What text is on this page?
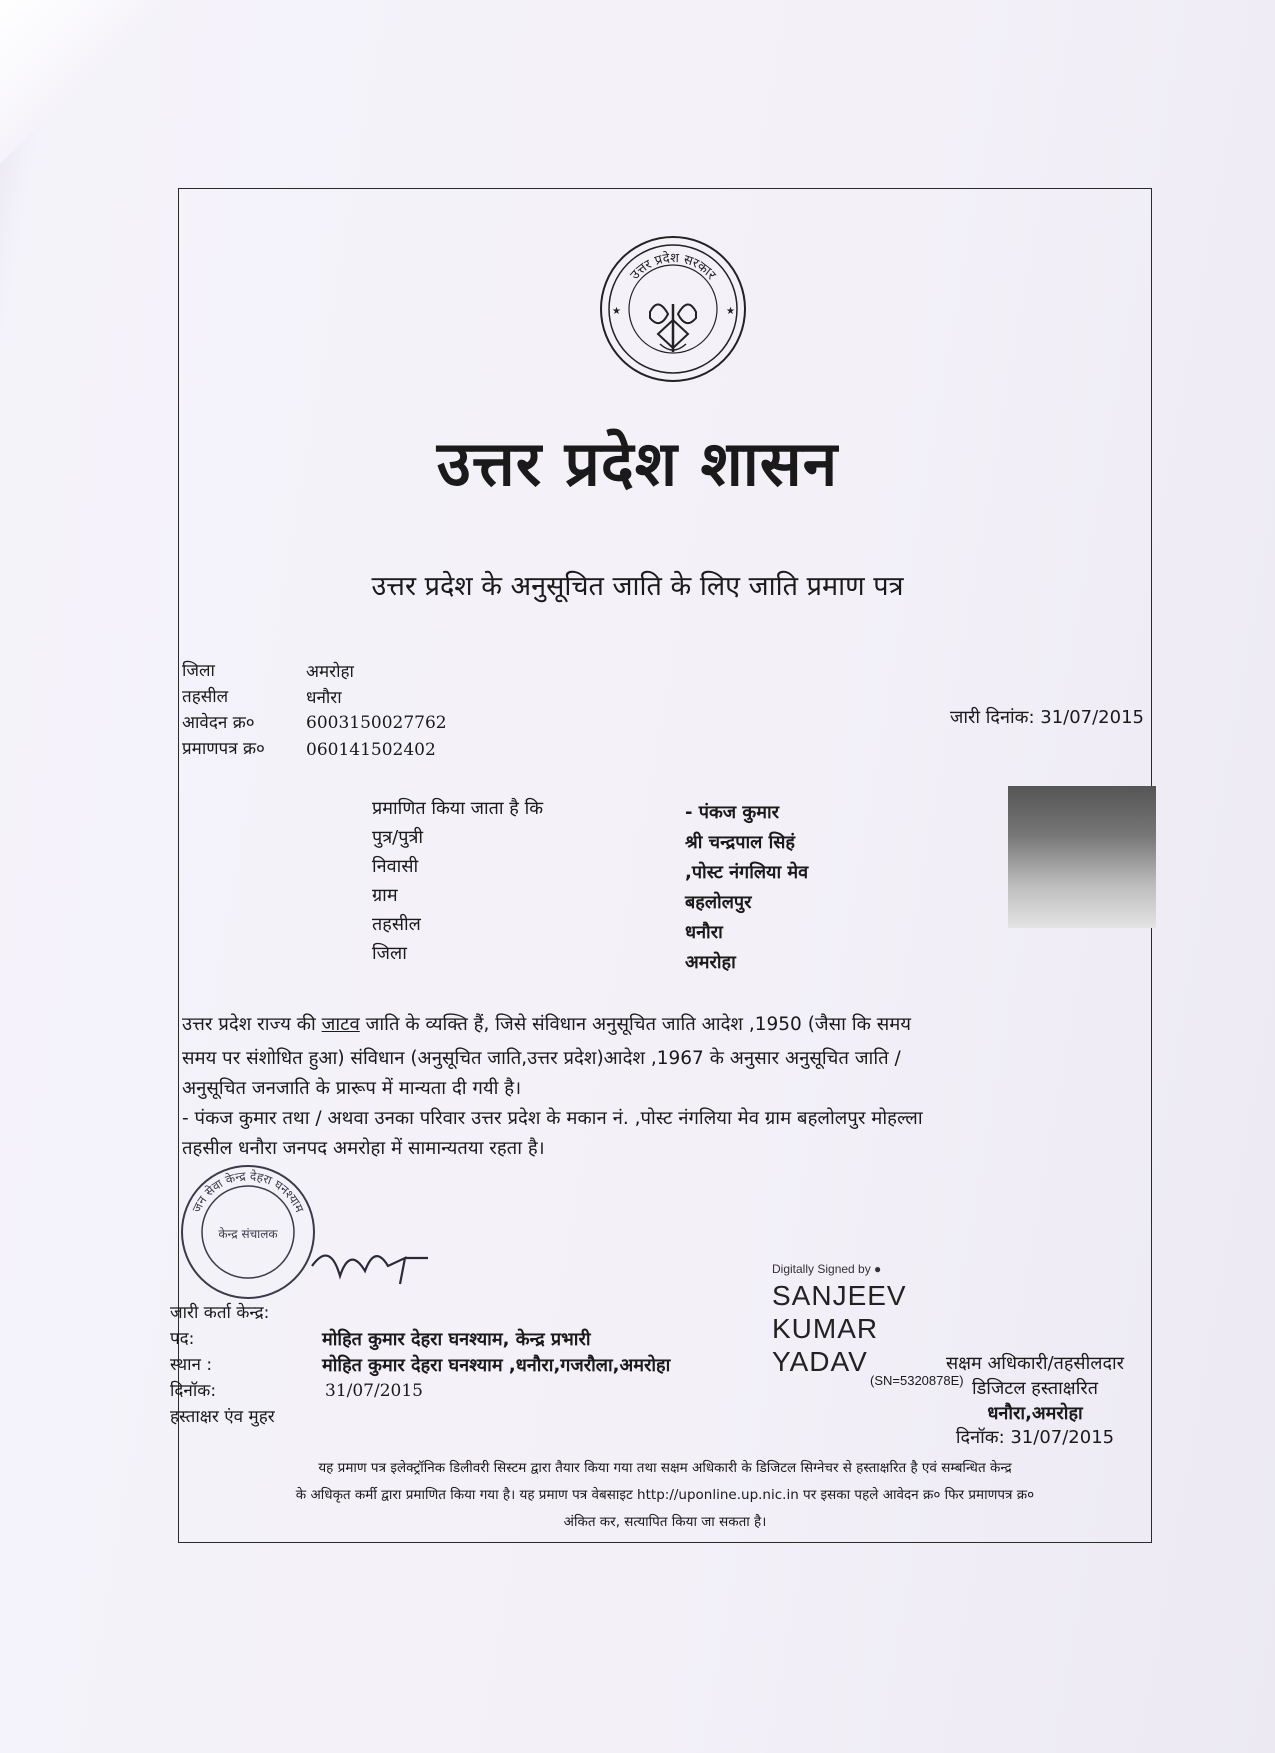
उत्तर प्रदेश सरकार
★	★
उत्तर प्रदेश शासन
उत्तर प्रदेश के अनुसूचित जाति के लिए जाति प्रमाण पत्र
जिला	अमरोहा
तहसील	धनौरा
आवेदन क्र०	6003150027762
प्रमाणपत्र क्र० 060141502402
जारी दिनांक: 31/07/2015
प्रमाणित किया जाता है कि	- पंकज कुमार
पुत्र/पुत्री	श्री चन्द्रपाल सिहं
निवासी	,पोस्ट नंगलिया मेव
ग्राम	बहलोलपुर
तहसील	धनौरा
जिला	अमरोहा
उत्तर प्रदेश राज्य की जाटव जाति के व्यक्ति हैं, जिसे संविधान अनुसूचित जाति आदेश ,1950 (जैसा कि समय
समय पर संशोधित हुआ) संविधान (अनुसूचित जाति,उत्तर प्रदेश)आदेश ,1967 के अनुसार अनुसूचित जाति /
अनुसूचित जनजाति के प्रारूप में मान्यता दी गयी है।
- पंकज कुमार तथा / अथवा उनका परिवार उत्तर प्रदेश के मकान नं. ,पोस्ट नंगलिया मेव ग्राम बहलोलपुर मोहल्ला
तहसील धनौरा जनपद अमरोहा में सामान्यतया रहता है।
जन सेवा केन्द्र देहरा घनश्याम
केन्द्र संचालक
जारी कर्ता केन्द्र:
पद:	मोहित कुमार देहरा घनश्याम, केन्द्र प्रभारी
स्थान :	मोहित कुमार देहरा घनश्याम ,धनौरा,गजरौला,अमरोहा
दिनॉक:	31/07/2015
हस्ताक्षर एंव मुहर
Digitally Signed by ●
SANJEEV
KUMAR
YADAV
(SN=5320878E)
सक्षम अधिकारी/तहसीलदार
डिजिटल हस्ताक्षरित
धनौरा,अमरोहा
दिनॉक: 31/07/2015
यह प्रमाण पत्र इलेक्ट्रॉनिक डिलीवरी सिस्टम द्वारा तैयार किया गया तथा सक्षम अधिकारी के डिजिटल सिग्नेचर से हस्ताक्षरित है एवं सम्बन्धित केन्द्र
के अधिकृत कर्मी द्वारा प्रमाणित किया गया है। यह प्रमाण पत्र वेबसाइट http://uponline.up.nic.in पर इसका पहले आवेदन क्र० फिर प्रमाणपत्र क्र०
अंकित कर, सत्यापित किया जा सकता है।
